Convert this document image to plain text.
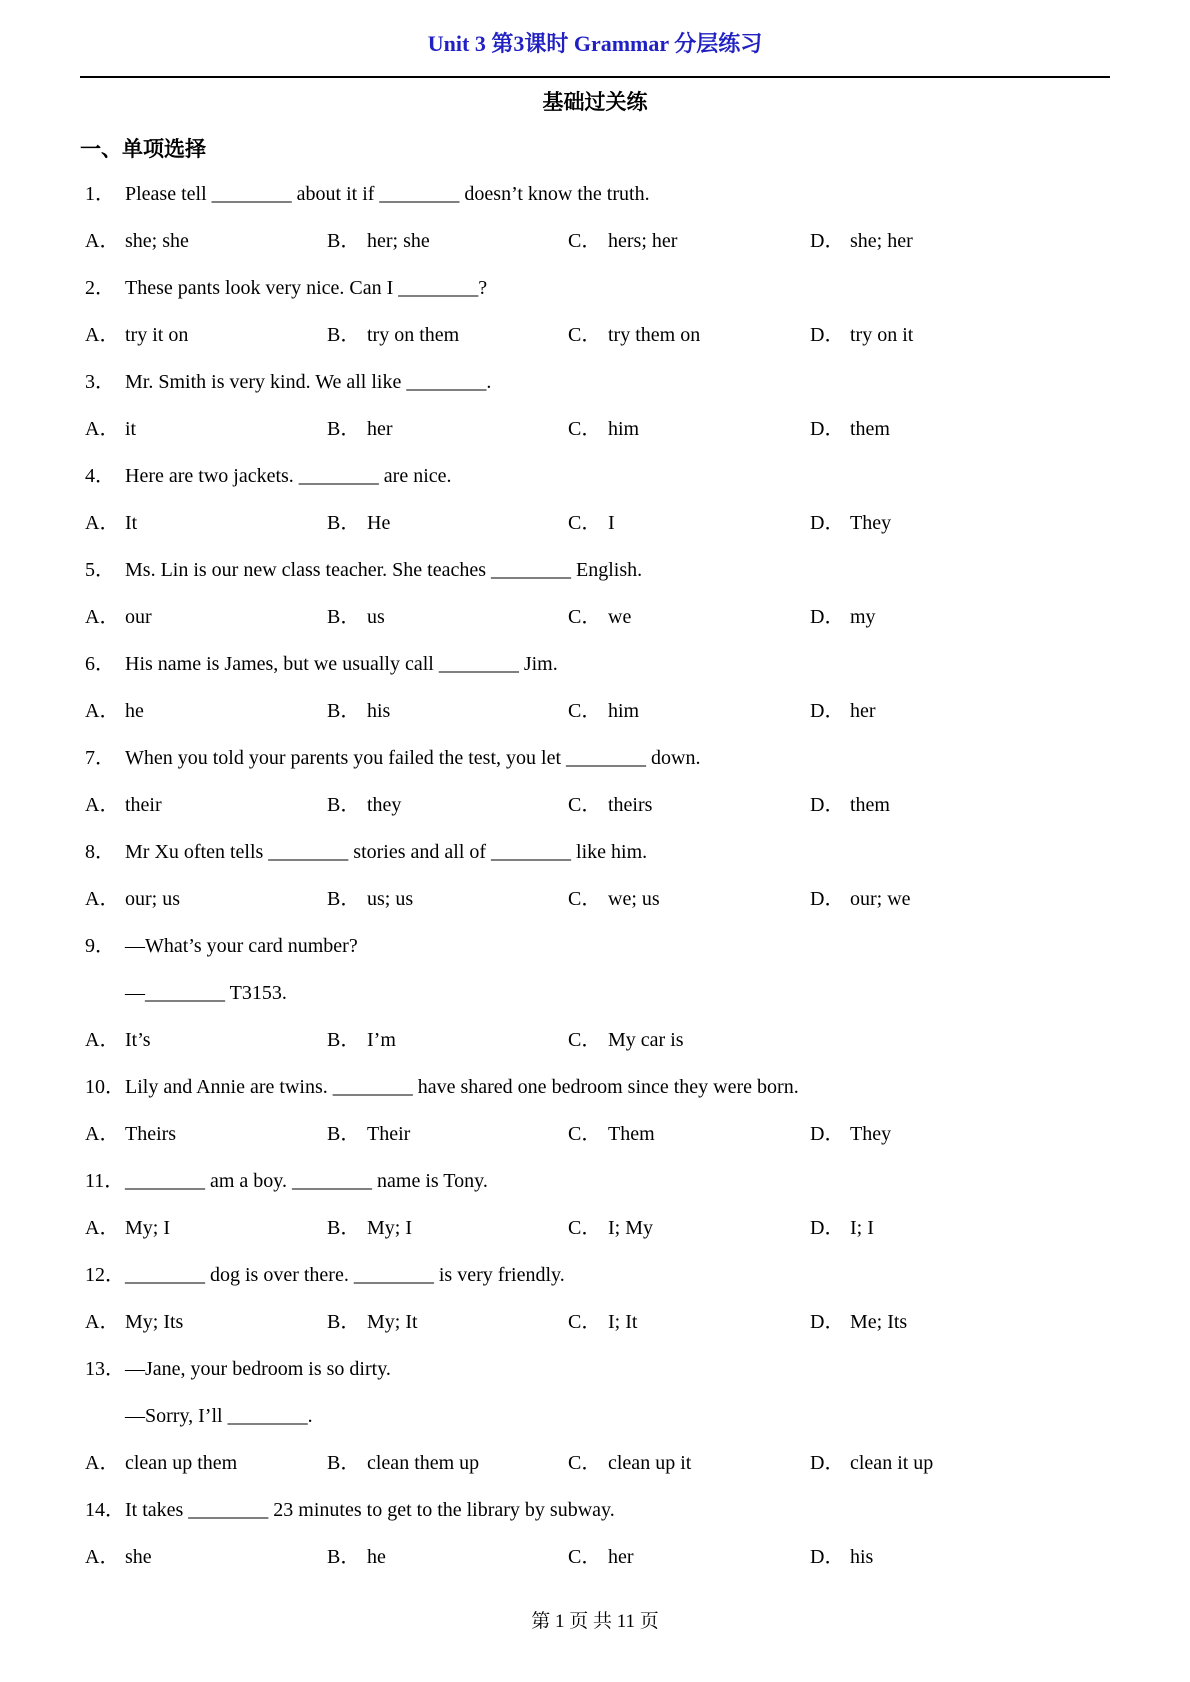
Unit 3 第3课时 Grammar 分层练习
基础过关练
一、单项选择
1． Please tell ________ about it if ________ doesn’t know the truth.
A． she; she	B． her; she	C． hers; her	D． she; her
2． These pants look very nice. Can I ________?
A． try it on	B． try on them	C． try them on	D． try on it
3． Mr. Smith is very kind. We all like ________.
A． it	B． her	C． him	D． them
4． Here are two jackets. ________ are nice.
A． It	B． He	C． I	D． They
5． Ms. Lin is our new class teacher. She teaches ________ English.
A． our	B． us	C． we	D． my
6． His name is James, but we usually call ________ Jim.
A． he	B． his	C． him	D． her
7． When you told your parents you failed the test, you let ________ down.
A． their	B． they	C． theirs	D． them
8． Mr Xu often tells ________ stories and all of ________ like him.
A． our; us	B． us; us	C． we; us	D． our; we
9． —What’s your card number?
—________ T3153.
A． It’s	B． I’m	C． My car is
10．Lily and Annie are twins. ________ have shared one bedroom since they were born.
A． Theirs	B． Their	C． Them	D． They
11．________ am a boy. ________ name is Tony.
A． My; I	B． My; I	C． I; My	D． I; I
12．________ dog is over there. ________ is very friendly.
A． My; Its	B． My; It	C． I; It	D． Me; Its
13．—Jane, your bedroom is so dirty.
—Sorry, I’ll ________.
A． clean up them	B． clean them up	C． clean up it	D． clean it up
14．It takes ________ 23 minutes to get to the library by subway.
A． she	B． he	C． her	D． his
第 1 页 共 11 页
